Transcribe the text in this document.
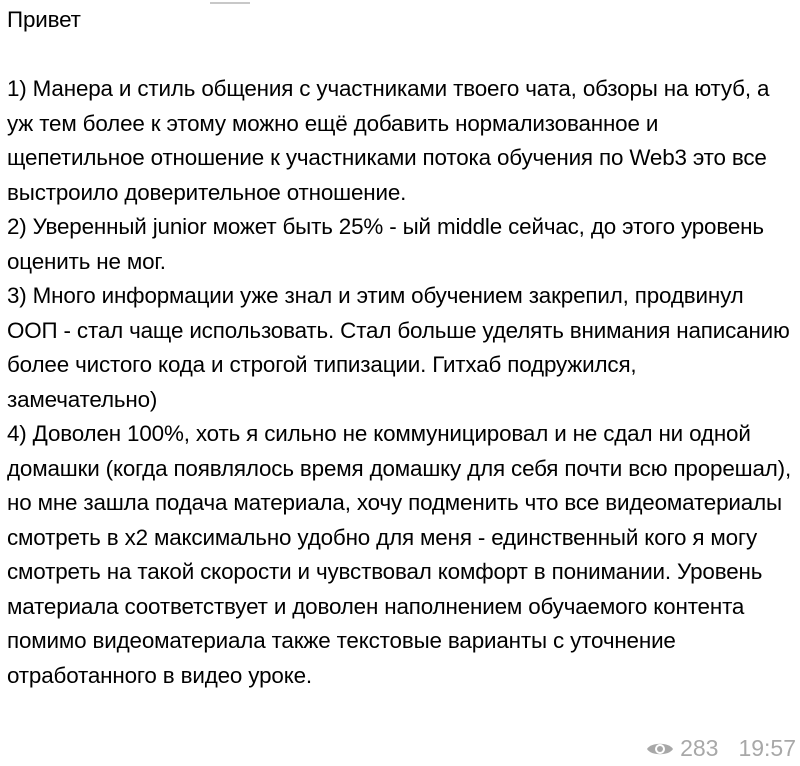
Привет

1) Манера и стиль общения с участниками твоего чата, обзоры на ютуб, а уж тем более к этому можно ещё добавить нормализованное и щепетильное отношение к участниками потока обучения по Web3 это все выстроило доверительное отношение.
2) Уверенный junior может быть 25% - ый middle сейчас, до этого уровень оценить не мог.
3) Много информации уже знал и этим обучением закрепил, продвинул ООП - стал чаще использовать. Стал больше уделять внимания написанию более чистого кода и строгой типизации. Гитхаб подружился, замечательно)
4) Доволен 100%, хоть я сильно не коммуницировал и не сдал ни одной домашки (когда появлялось время домашку для себя почти всю прорешал), но мне зашла подача материала, хочу подменить что все видеоматериалы смотреть в x2 максимально удобно для меня - единственный кого я могу смотреть на такой скорости и чувствовал комфорт в понимании. Уровень материала соответствует и доволен наполнением обучаемого контента помимо видеоматериала также текстовые варианты с уточнение отработанного в видео уроке.

283 19:57
